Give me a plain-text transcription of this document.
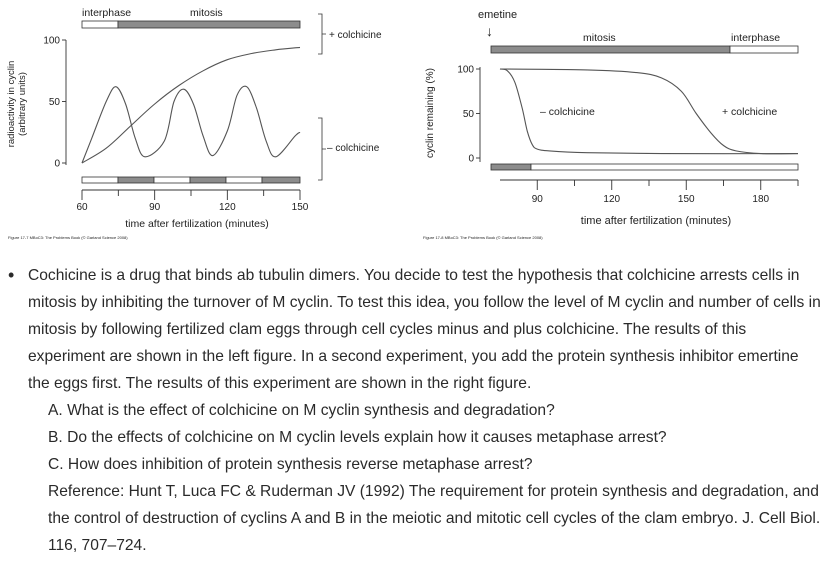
interphase	mitosis
+ colchicine
– colchicine
0
50
100
radioactivity in cyclin (arbitrary units)
60	90	120	150
time after fertilization (minutes)
Figure 17-7 MBoC3: The Problems Book (© Garland Science 2008)
emetine
↓	mitosis	interphase
0
50
100
cyclin remaining (%)	– colchicine	+ colchicine
90	120	150	180
time after fertilization (minutes)
Figure 17-8 MBoC3: The Problems Book (© Garland Science 2008)
• Cochicine is a drug that binds ab tubulin dimers. You decide to test the hypothesis that colchicine arrests cells in mitosis by inhibiting the turnover of M cyclin. To test this idea, you follow the level of M cyclin and number of cells in mitosis by following fertilized clam eggs through cell cycles minus and plus colchicine. The results of this experiment are shown in the left figure. In a second experiment, you add the protein synthesis inhibitor emertine the eggs first. The results of this experiment are shown in the right figure.

A. What is the effect of colchicine on M cyclin synthesis and degradation?

B. Do the effects of colchicine on M cyclin levels explain how it causes metaphase arrest?

C. How does inhibition of protein synthesis reverse metaphase arrest?

Reference: Hunt T, Luca FC & Ruderman JV (1992) The requirement for protein synthesis and degradation, and the control of destruction of cyclins A and B in the meiotic and mitotic cell cycles of the clam embryo. J. Cell Biol. 116, 707–724.
